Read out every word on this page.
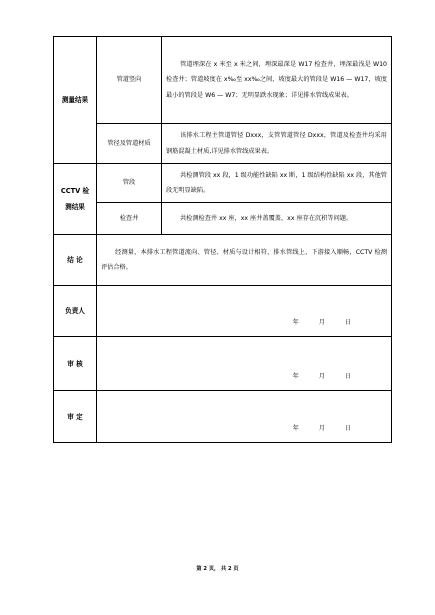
测量结果	管道竖向	管道埋深在 x 米至 x 米之间，埋深最深是 W17 检查井，埋深最浅是 W10 检查井；管道坡度在 x‰至 xx‰之间，坡度最大的管段是 W16 — W17，坡度最小的管段是 W6 — W7；无明显跌水现象；详见排水管线成果表。
	管径及管道材质	该排水工程主管道管径 Dxxx，支管管道管径 Dxxx，管道及检查井均采用钢筋混凝土材质,详见排水管线成果表。

CCTV 检
测结果	管段	共检测管段 xx 段，1 级功能性缺陷 xx 断，1 级结构性缺陷 xx 段，其他管段无明显缺陷。
	检查井	共检测检查井 xx 座，xx 座井盖覆盖，xx 座存在沉积等问题。
结 论	经测量，本排水工程管道流向、管径、材质与设计相符，排水管线上、下游接入顺畅，CCTV 检测评估合格。	
负责人	年 月 日	

审 核	年 月 日	

审 定	年 月 日	
第 2 页， 共 2 页
